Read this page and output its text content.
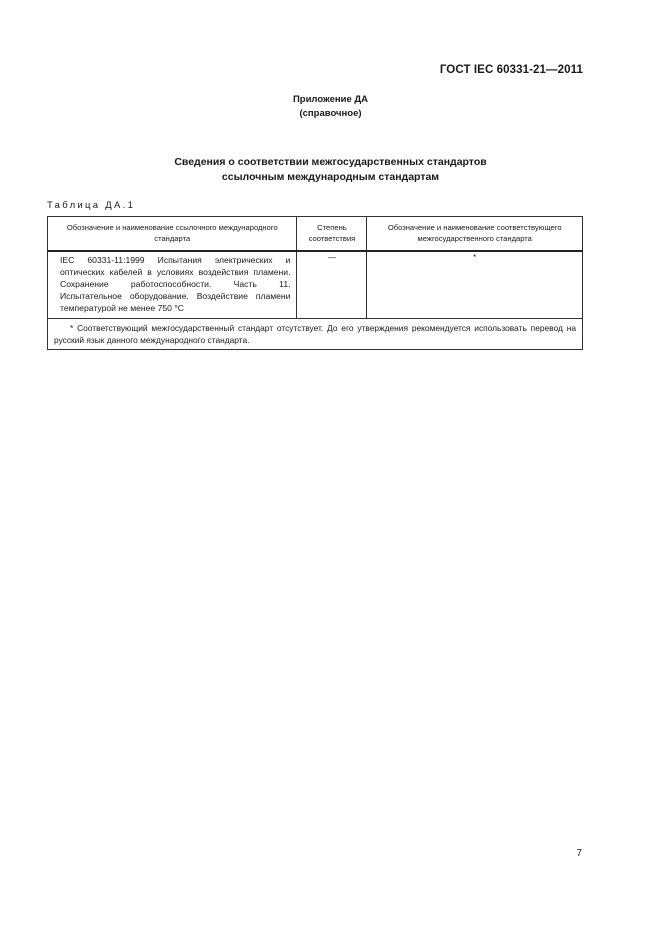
ГОСТ IEC 60331-21—2011
Приложение ДА
(справочное)
Сведения о соответствии межгосударственных стандартов
ссылочным международным стандартам
Таблица ДА.1
Обозначение и наименование ссылочного международного стандарта	Степень соответствия	Обозначение и наименование соответствующего межгосударственного стандарта
IEC 60331-11:1999 Испытания электрических и оптических кабелей в условиях воздействия пламени. Сохранение работоспособности. Часть 11. Испытательное оборудование. Воздействие пламени температурой не менее 750 °С	—	*
* Соответствующий межгосударственный стандарт отсутствует. До его утверждения рекомендуется использовать перевод на русский язык данного международного стандарта.		
7
